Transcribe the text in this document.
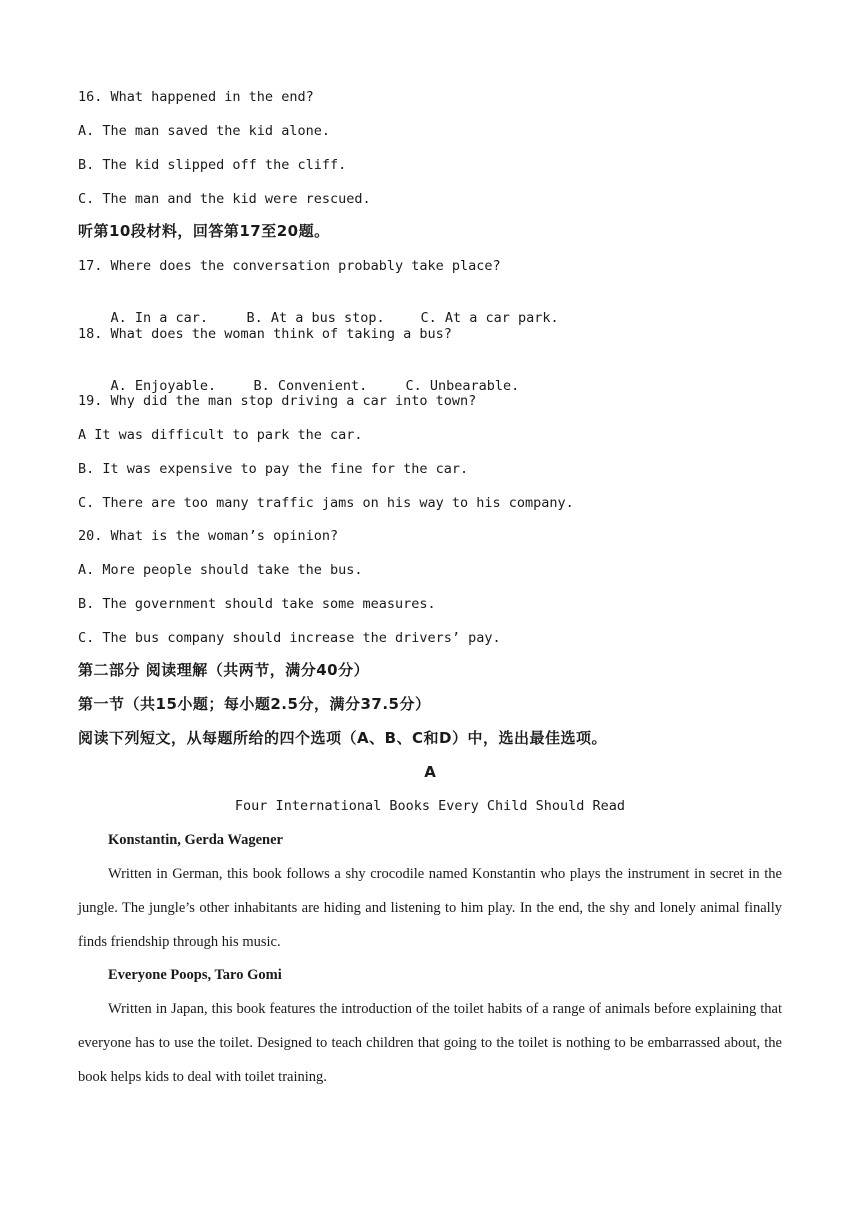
16. What happened in the end?
A. The man saved the kid alone.
B. The kid slipped off the cliff.
C. The man and the kid were rescued.
听第10段材料，回答第17至20题。
17. Where does the conversation probably take place?

A. In a car.	B. At a bus stop.	C. At a car park.

18. What does the woman think of taking a bus?

A. Enjoyable.	B. Convenient.	C. Unbearable.

19. Why did the man stop driving a car into town?
A It was difficult to park the car.
B. It was expensive to pay the fine for the car.
C. There are too many traffic jams on his way to his company.
20. What is the woman’s opinion?
A. More people should take the bus.
B. The government should take some measures.
C. The bus company should increase the drivers’ pay.
第二部分 阅读理解（共两节，满分40分）
第一节（共15小题；每小题2.5分，满分37.5分）
阅读下列短文，从每题所给的四个选项（A、B、C和D）中，选出最佳选项。
A
Four International Books Every Child Should Read
Konstantin, Gerda Wagener
Written in German, this book follows a shy crocodile named Konstantin who plays the instrument in secret in the jungle. The jungle’s other inhabitants are hiding and listening to him play. In the end, the shy and lonely animal finally finds friendship through his music.
Everyone Poops, Taro Gomi
Written in Japan, this book features the introduction of the toilet habits of a range of animals before explaining that everyone has to use the toilet. Designed to teach children that going to the toilet is nothing to be embarrassed about, the book helps kids to deal with toilet training.
